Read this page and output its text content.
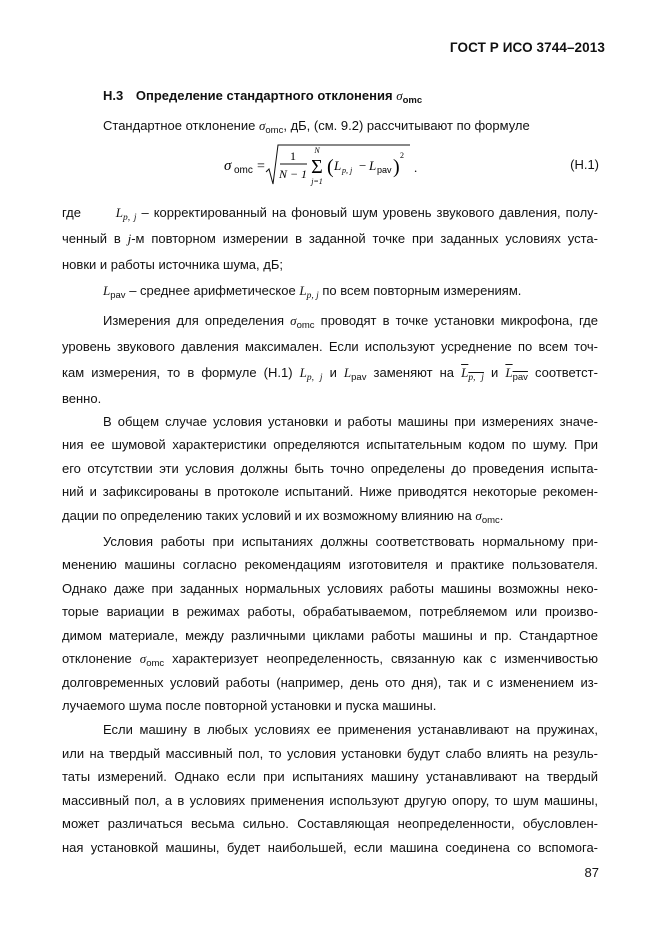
ГОСТ Р ИСО 3744–2013
Н.3 Определение стандартного отклонения $\sigma_{omc}$
Стандартное отклонение $\sigma_{omc}$, дБ, (см. 9.2) рассчитывают по формуле
σ omc =
1
N − 1
N
Σ
j=1
( L p, j − L pav )
2
.	(Н.1)
где	$L_{p, j}$ – корректированный на фоновый шум уровень звукового давления, полу-
ченный в j-м повторном измерении в заданной точке при заданных условиях уста-
новки и работы источника шума, дБ;
$L_{pav}$ – среднее арифметическое $L_{p, j}$ по всем повторным измерениям.
Измерения для определения $\sigma_{omc}$ проводят в точке установки микрофона, где
уровень звукового давления максимален. Если используют усреднение по всем точ-
кам измерения, то в формуле (Н.1) $L_{p, j}$ и $L_{pav}$ заменяют на $L_{p, j}$ и $L_{pav}$ соответст-
венно.
В общем случае условия установки и работы машины при измерениях значе-
ния ее шумовой характеристики определяются испытательным кодом по шуму. При
его отсутствии эти условия должны быть точно определены до проведения испыта-
ний и зафиксированы в протоколе испытаний. Ниже приводятся некоторые рекомен-
дации по определению таких условий и их возможному влиянию на $\sigma_{omc}$.
Условия работы при испытаниях должны соответствовать нормальному при-
менению машины согласно рекомендациям изготовителя и практике пользователя.
Однако даже при заданных нормальных условиях работы машины возможны неко-
торые вариации в режимах работы, обрабатываемом, потребляемом или произво-
димом материале, между различными циклами работы машины и пр. Стандартное
отклонение $\sigma_{omc}$ характеризует неопределенность, связанную как с изменчивостью
долговременных условий работы (например, день ото дня), так и с изменением из-
лучаемого шума после повторной установки и пуска машины.
Если машину в любых условиях ее применения устанавливают на пружинах,
или на твердый массивный пол, то условия установки будут слабо влиять на резуль-
таты измерений. Однако если при испытаниях машину устанавливают на твердый
массивный пол, а в условиях применения используют другую опору, то шум машины,
может различаться весьма сильно. Составляющая неопределенности, обусловлен-
ная установкой машины, будет наибольшей, если машина соединена со вспомога-
87
